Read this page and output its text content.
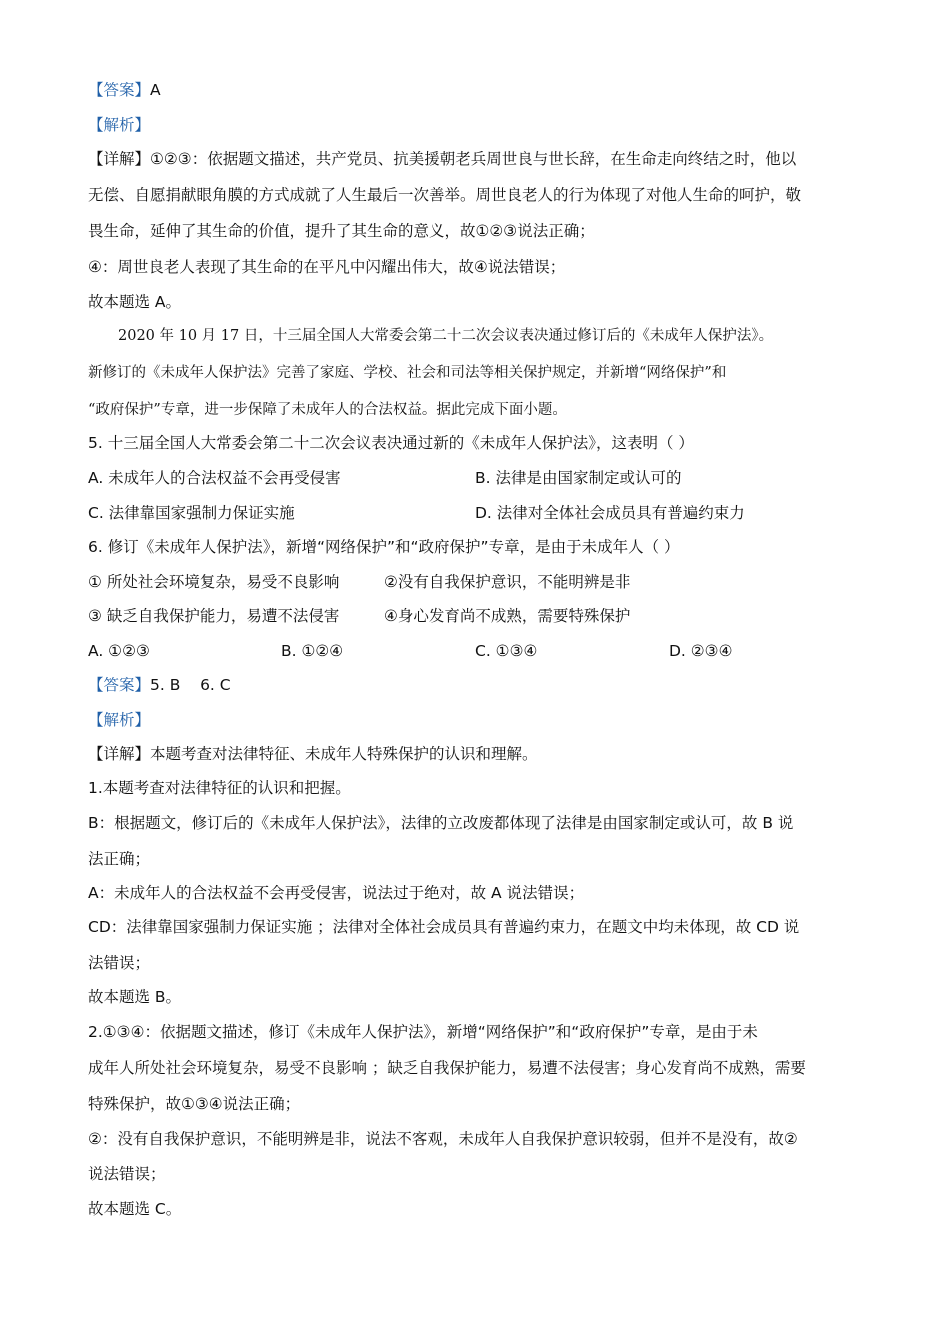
【答案】A
【解析】
【详解】①②③：依据题文描述，共产党员、抗美援朝老兵周世良与世长辞，在生命走向终结之时，他以
无偿、自愿捐献眼角膜的方式成就了人生最后一次善举。周世良老人的行为体现了对他人生命的呵护，敬
畏生命，延伸了其生命的价值，提升了其生命的意义，故①②③说法正确；
④：周世良老人表现了其生命的在平凡中闪耀出伟大，故④说法错误；
故本题选 A。
2020 年 10 月 17 日，十三届全国人大常委会第二十二次会议表决通过修订后的《未成年人保护法》。
新修订的《未成年人保护法》完善了家庭、学校、社会和司法等相关保护规定，并新增“网络保护”和
“政府保护”专章，进一步保障了未成年人的合法权益。据此完成下面小题。
5. 十三届全国人大常委会第二十二次会议表决通过新的《未成年人保护法》，这表明（ ）
A. 未成年人的合法权益不会再受侵害	B. 法律是由国家制定或认可的
C. 法律靠国家强制力保证实施	D. 法律对全体社会成员具有普遍约束力
6. 修订《未成年人保护法》，新增“网络保护”和“政府保护”专章，是由于未成年人（ ）
① 所处社会环境复杂，易受不良影响	②没有自我保护意识，不能明辨是非
③ 缺乏自我保护能力，易遭不法侵害	④身心发育尚不成熟，需要特殊保护
A. ①②③	B. ①②④	C. ①③④	D. ②③④
【答案】5. B    6. C
【解析】
【详解】本题考查对法律特征、未成年人特殊保护的认识和理解。
1.本题考查对法律特征的认识和把握。
B：根据题文，修订后的《未成年人保护法》，法律的立改废都体现了法律是由国家制定或认可，故 B 说
法正确；
A：未成年人的合法权益不会再受侵害，说法过于绝对，故 A 说法错误；
CD：法律靠国家强制力保证实施 ；法律对全体社会成员具有普遍约束力，在题文中均未体现，故 CD 说
法错误；
故本题选 B。
2.①③④：依据题文描述，修订《未成年人保护法》，新增“网络保护”和“政府保护”专章，是由于未
成年人所处社会环境复杂，易受不良影响 ；缺乏自我保护能力，易遭不法侵害；身心发育尚不成熟，需要
特殊保护，故①③④说法正确；
②：没有自我保护意识，不能明辨是非，说法不客观，未成年人自我保护意识较弱，但并不是没有，故②
说法错误；
故本题选 C。
